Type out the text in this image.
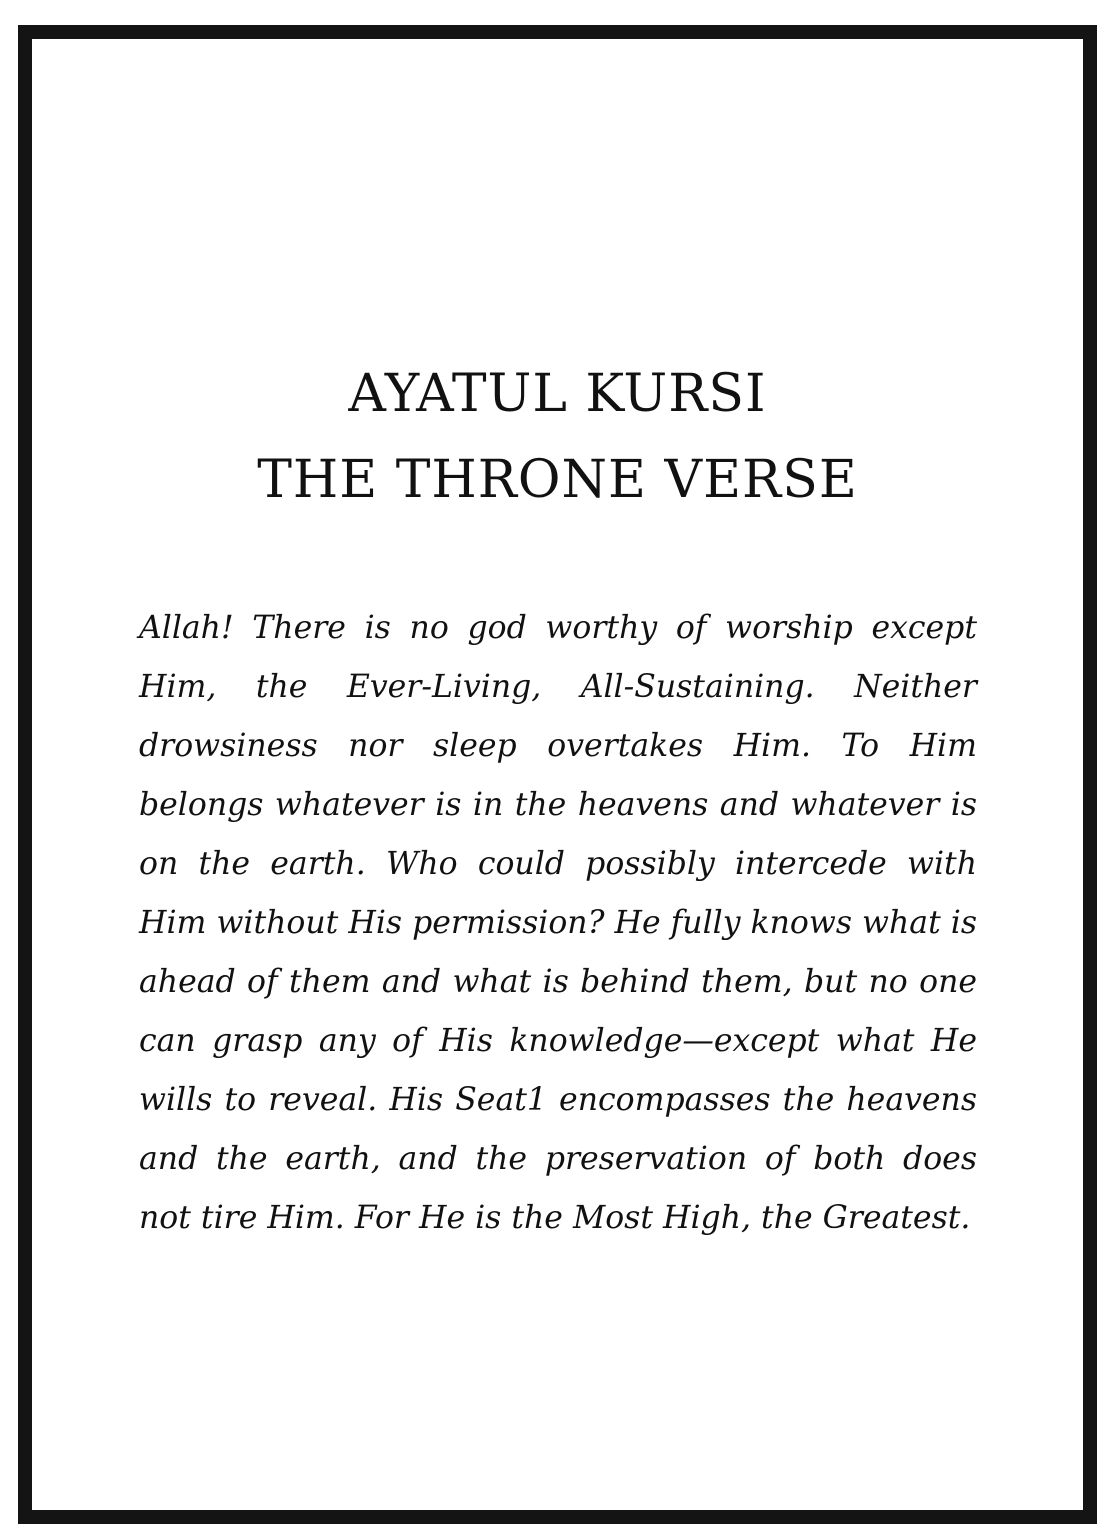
AYATUL KURSI
THE THRONE VERSE

Allah! There is no god worthy of worship except Him, the Ever-Living, All-Sustaining. Neither drowsiness nor sleep overtakes Him. To Him belongs whatever is in the heavens and whatever is on the earth. Who could possibly intercede with Him without His permission? He fully knows what is ahead of them and what is behind them, but no one can grasp any of His knowledge—except what He wills to reveal. His Seat1 encompasses the heavens and the earth, and the preservation of both does not tire Him. For He is the Most High, the Greatest.
